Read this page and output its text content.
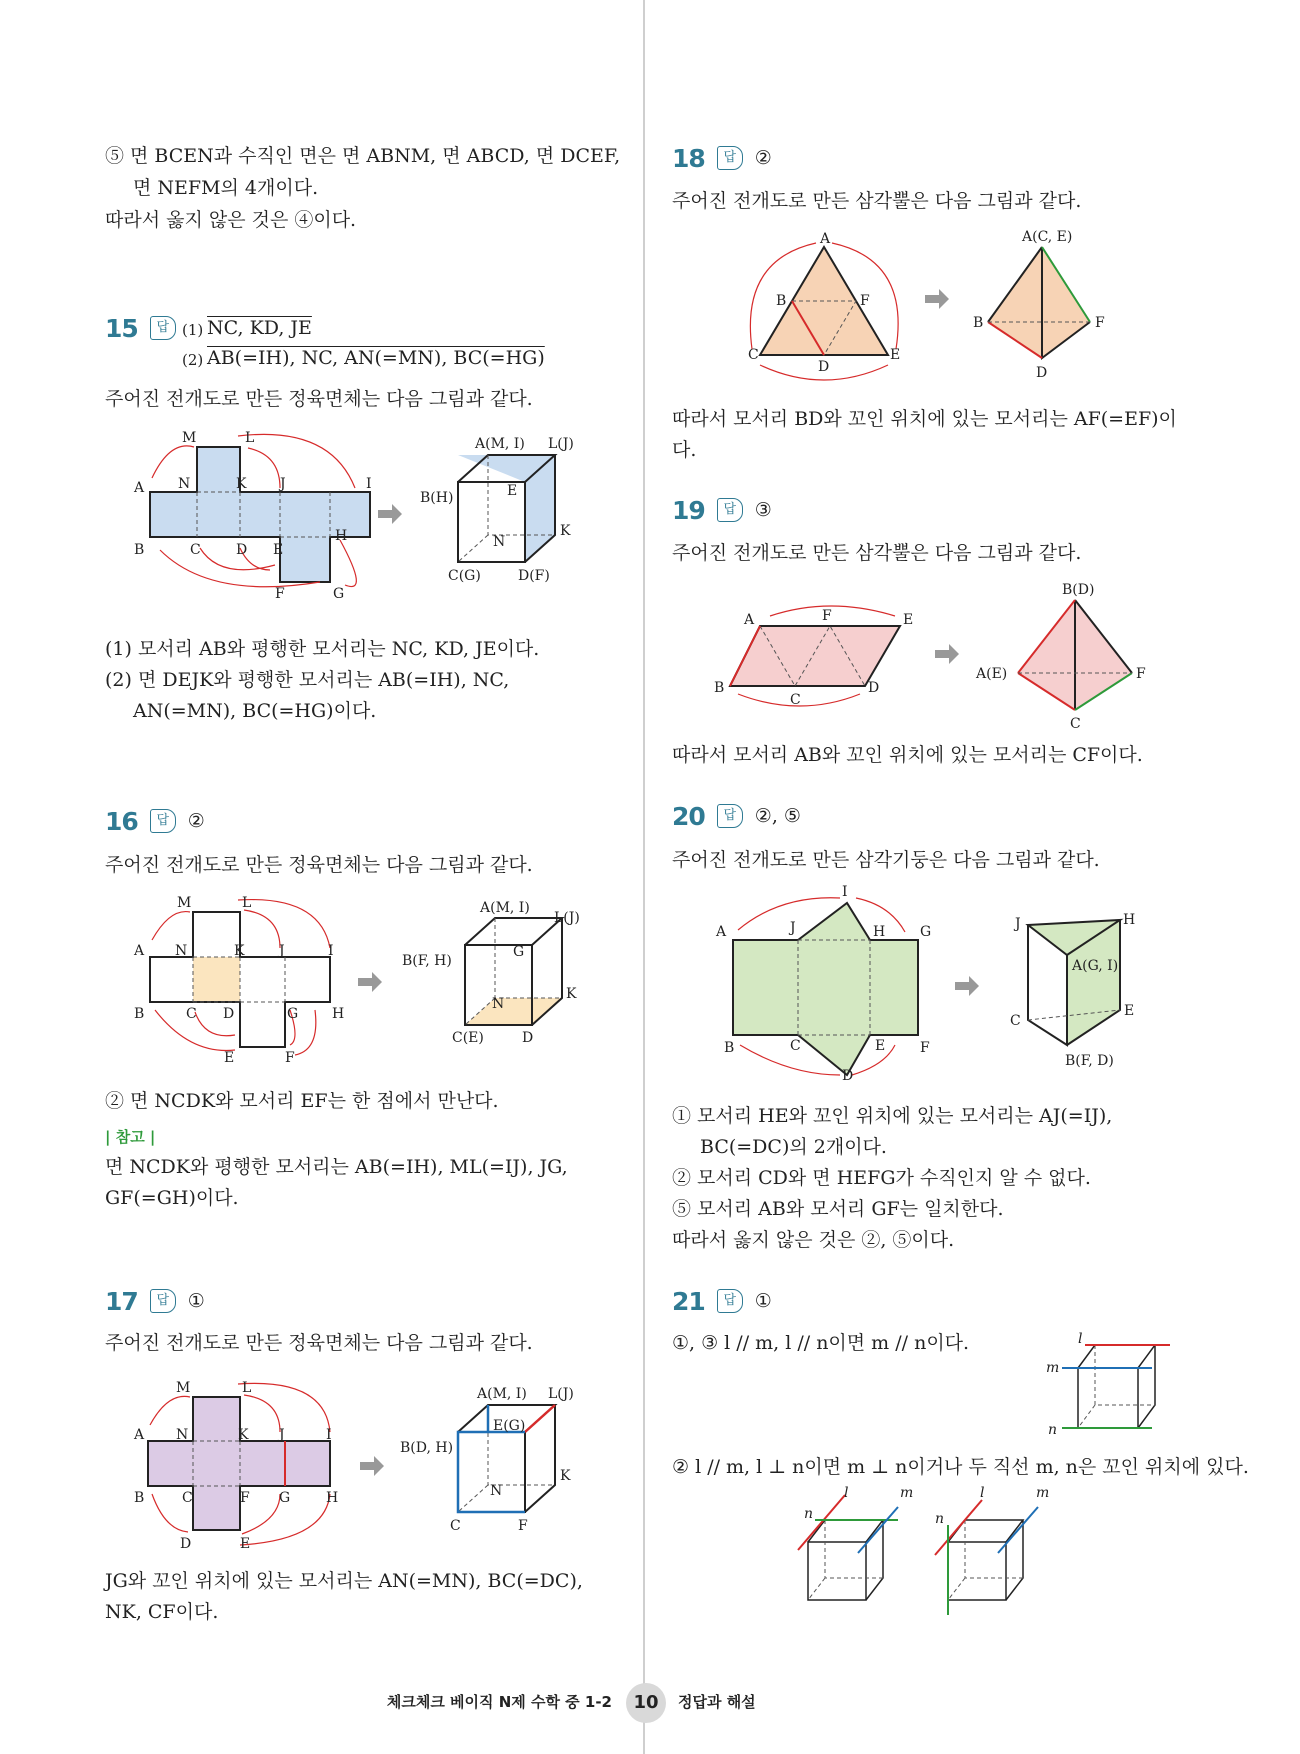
⑤ 면 BCEN과 수직인 면은 면 ABNM, 면 ABCD, 면 DCEF,
면 NEFM의 4개이다.
따라서 옳지 않은 것은 ④이다.
15	답 (1) NC, KD, JE
(2) AB(=IH), NC, AN(=MN), BC(=HG)
주어진 전개도로 만든 정육면체는 다음 그림과 같다.
M	L
A N	K J	I
B	C	D E
H
F	G
A(M, I) L(J)
B(H)	E
K
N
C(G)	D(F)
(1) 모서리 AB와 평행한 모서리는 NC, KD, JE이다.
(2) 면 DEJK와 평행한 모서리는 AB(=IH), NC,
AN(=MN), BC(=HG)이다.
16	답 ②
주어진 전개도로 만든 정육면체는 다음 그림과 같다.
M	L
A N	K J	I
B	C D	G H
E	F
A(M, I)
L(J)
B(F, H)
G
K
N
C(E)	D
② 면 NCDK와 모서리 EF는 한 점에서 만난다.
| 참고 |
면 NCDK와 평행한 모서리는 AB(=IH), ML(=IJ), JG,
GF(=GH)이다.
17	답 ①
주어진 전개도로 만든 정육면체는 다음 그림과 같다.
M	L
A N	K J	I
B	C	F G	H
D	E
A(M, I) L(J)
E(G)
B(D, H)
K
N
C	F
JG와 꼬인 위치에 있는 모서리는 AN(=MN), BC(=DC),
NK, CF이다.
18	답 ②
주어진 전개도로 만든 삼각뿔은 다음 그림과 같다.
A
B	F
C
D
E
A(C, E)
B	F
D
따라서 모서리 BD와 꼬인 위치에 있는 모서리는 AF(=EF)이
다.
19	답 ③
주어진 전개도로 만든 삼각뿔은 다음 그림과 같다.
A	F	E
B
C
D
B(D)
A(E)	F
C
따라서 모서리 AB와 꼬인 위치에 있는 모서리는 CF이다.
20	답 ②, ⑤
주어진 전개도로 만든 삼각기둥은 다음 그림과 같다.
I
A	J	H G
B	C	E F
D
J	H
A(G, I)
C
E
B(F, D)
① 모서리 HE와 꼬인 위치에 있는 모서리는 AJ(=IJ),
BC(=DC)의 2개이다.
② 모서리 CD와 면 HEFG가 수직인지 알 수 없다.
⑤ 모서리 AB와 모서리 GF는 일치한다.
따라서 옳지 않은 것은 ②, ⑤이다.
21	답 ①
①, ③ l // m, l // n이면 m // n이다.	l
m
n
② l // m, l ⊥ n이면 m ⊥ n이거나 두 직선 m, n은 꼬인 위치에 있다.
l	m
n
l	m
n
체크체크 베이직 N제 수학 중 1-2	10	정답과 해설
